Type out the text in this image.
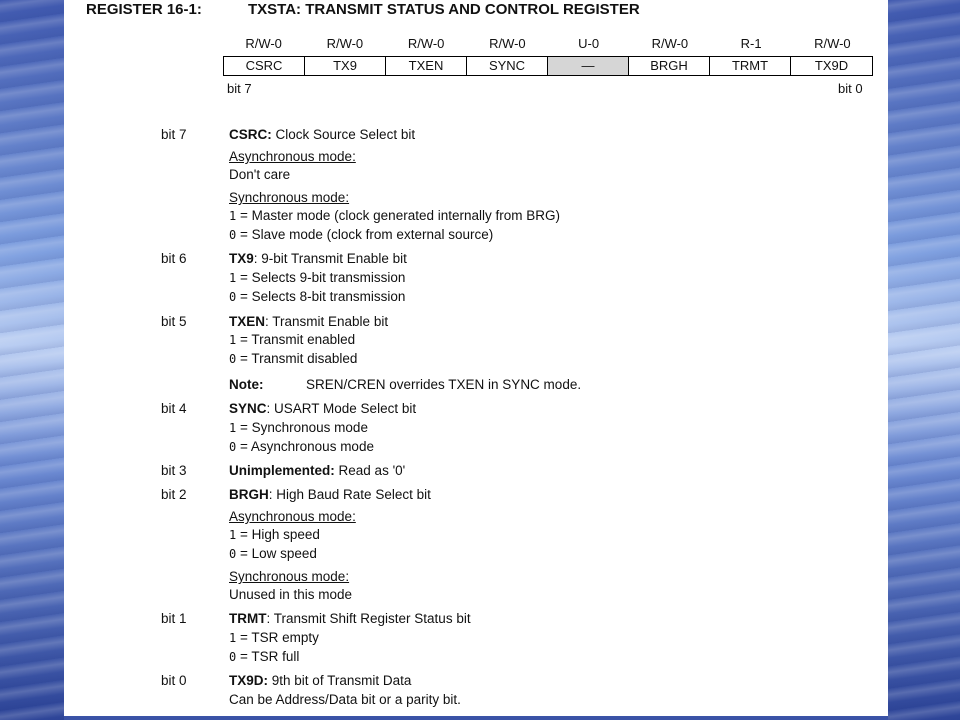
REGISTER 16-1:	TXSTA: TRANSMIT STATUS AND CONTROL REGISTER
R/W-0	R/W-0	R/W-0	R/W-0	U-0	R/W-0	R-1	R/W-0
CSRC	TX9	TXEN	SYNC	—	BRGH	TRMT	TX9D
bit 7	bit 0
bit 7	CSRC: Clock Source Select bit
Asynchronous mode:
Don't care
Synchronous mode:
1 = Master mode (clock generated internally from BRG)
0 = Slave mode (clock from external source)
bit 6	TX9: 9-bit Transmit Enable bit
1 = Selects 9-bit transmission
0 = Selects 8-bit transmission
bit 5	TXEN: Transmit Enable bit
1 = Transmit enabled
0 = Transmit disabled
Note:	SREN/CREN overrides TXEN in SYNC mode.
bit 4	SYNC: USART Mode Select bit
1 = Synchronous mode
0 = Asynchronous mode
bit 3	Unimplemented: Read as '0'
bit 2	BRGH: High Baud Rate Select bit
Asynchronous mode:
1 = High speed
0 = Low speed
Synchronous mode:
Unused in this mode
bit 1	TRMT: Transmit Shift Register Status bit
1 = TSR empty
0 = TSR full
bit 0	TX9D: 9th bit of Transmit Data
Can be Address/Data bit or a parity bit.
